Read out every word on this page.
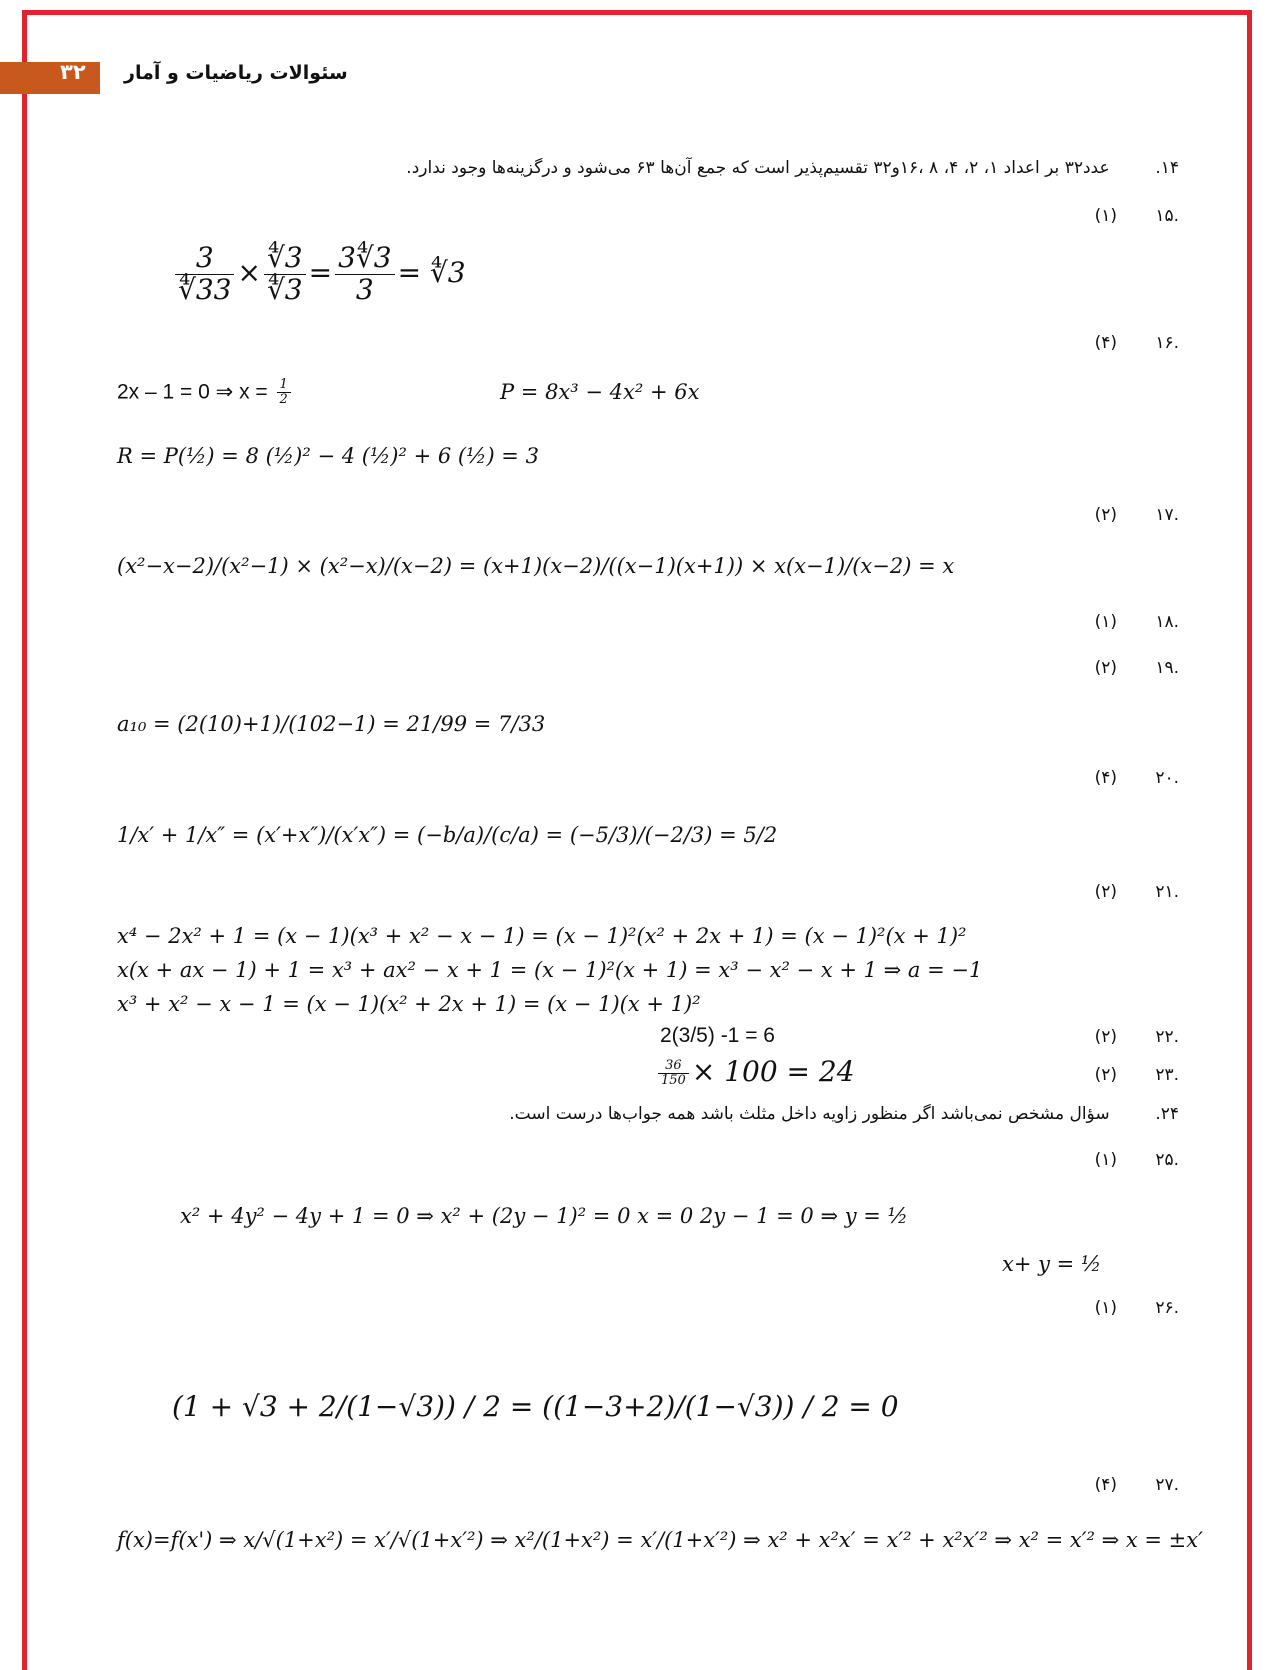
۳۲ سئوالات ریاضیات و آمار
۱۴. عدد۳۲ بر اعداد ۱، ۲، ۴، ۸ ،۱۶و۳۲ تقسیم‌پذیر است که جمع آن‌ها ۶۳ می‌شود و درگزینه‌ها وجود ندارد.
.۱۵(۱)
$\frac{3}{∜33} \times \frac{∜3}{∜3} = \frac{3∜3}{3}$ = ∜3
.۱۶(۴)
2x – 1 = 0 ⇒ $x = \frac{1}{2}$	P = 8x³ − 4x² + 6x
R = P(½) = 8 (½)² − 4 (½)² + 6 (½) = 3
.۱۷(۲)
(x²−x−2)/(x²−1) × (x²−x)/(x−2) = (x+1)(x−2)/((x−1)(x+1)) × x(x−1)/(x−2) = x
.۱۸(۱)
.۱۹(۲)
a₁₀ = (2(10)+1)/(102−1) = 21/99 = 7/33
.۲۰(۴)
1/x′ + 1/x″ = (x′+x″)/(x′x″) = (−b/a)/(c/a) = (−5/3)/(−2/3) = 5/2
.۲۱(۲)
x⁴ − 2x² + 1 = (x − 1)(x³ + x² − x − 1) = (x − 1)²(x² + 2x + 1) = (x − 1)²(x + 1)²
x(x + ax − 1) + 1 = x³ + ax² − x + 1 = (x − 1)²(x + 1) = x³ − x² − x + 1 ⇒ a = −1
x³ + x² − x − 1 = (x − 1)(x² + 2x + 1) = (x − 1)(x + 1)²
.۲۲(۲)
2(3/5) -1 = 6
.۲۳(۲)
$\frac{36}{150} \times 100 = 24$
۲۴. سؤال مشخص نمی‌باشد اگر منظور زاویه داخل مثلث باشد همه جواب‌ها درست است.
.۲۵(۱)
x² + 4y² − 4y + 1 = 0 ⇒ x² + (2y − 1)² = 0 x = 0 2y − 1 = 0 ⇒ y = ½
x+ y = ½
.۲۶(۱)
(1 + √3 + 2/(1−√3)) / 2 = ((1−3+2)/(1−√3)) / 2 = 0
.۲۷(۴)
f(x)=f(x') ⇒ x/√(1+x²) = x′/√(1+x′²) ⇒ x²/(1+x²) = x′/(1+x′²) ⇒ x² + x²x′ = x′² + x²x′² ⇒ x² = x′² ⇒ x = ±x′
